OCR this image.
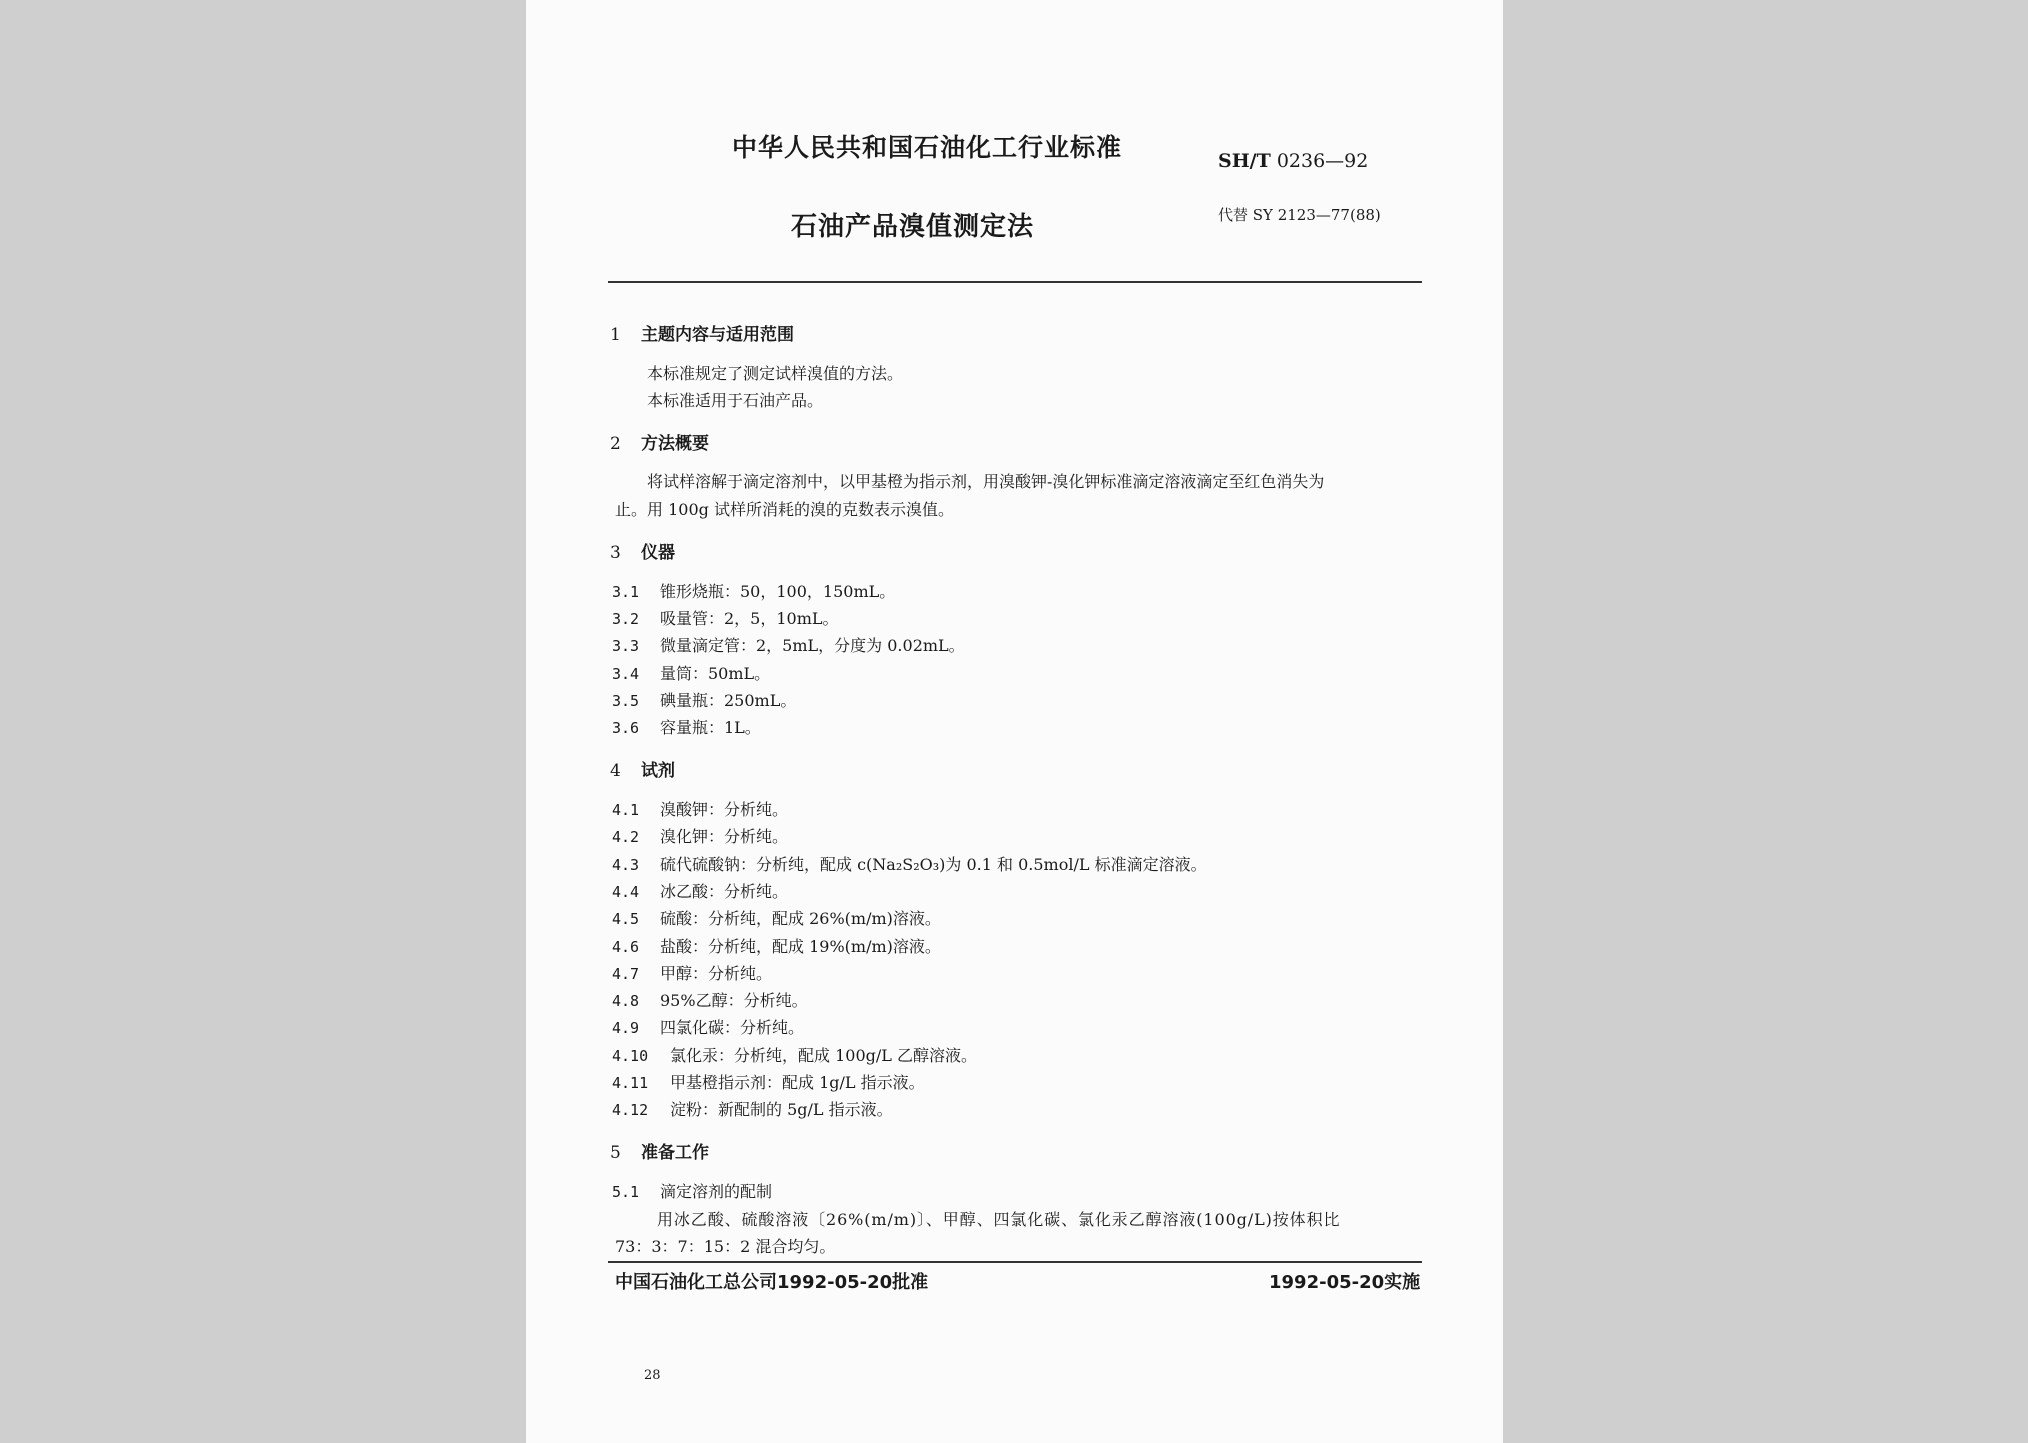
中华人民共和国石油化工行业标准	SH/T 0236—92
石油产品溴值测定法	代替 SY 2123—77(88)
1 主题内容与适用范围
本标准规定了测定试样溴值的方法。
本标准适用于石油产品。
2 方法概要
将试样溶解于滴定溶剂中，以甲基橙为指示剂，用溴酸钾-溴化钾标准滴定溶液滴定至红色消失为
止。用 100g 试样所消耗的溴的克数表示溴值。
3 仪器
3.1 锥形烧瓶：50，100，150mL。
3.2 吸量管：2，5，10mL。
3.3 微量滴定管：2，5mL，分度为 0.02mL。
3.4 量筒：50mL。
3.5 碘量瓶：250mL。
3.6 容量瓶：1L。
4 试剂
4.1 溴酸钾：分析纯。
4.2 溴化钾：分析纯。
4.3 硫代硫酸钠：分析纯，配成 c(Na₂S₂O₃)为 0.1 和 0.5mol/L 标准滴定溶液。
4.4 冰乙酸：分析纯。
4.5 硫酸：分析纯，配成 26%(m/m)溶液。
4.6 盐酸：分析纯，配成 19%(m/m)溶液。
4.7 甲醇：分析纯。
4.8 95%乙醇：分析纯。
4.9 四氯化碳：分析纯。
4.10 氯化汞：分析纯，配成 100g/L 乙醇溶液。
4.11 甲基橙指示剂：配成 1g/L 指示液。
4.12 淀粉：新配制的 5g/L 指示液。
5 准备工作
5.1 滴定溶剂的配制
用冰乙酸、硫酸溶液〔26%(m/m)〕、甲醇、四氯化碳、氯化汞乙醇溶液(100g/L)按体积比
73：3：7：15：2 混合均匀。
中国石油化工总公司1992-05-20批准	1992-05-20实施
28
